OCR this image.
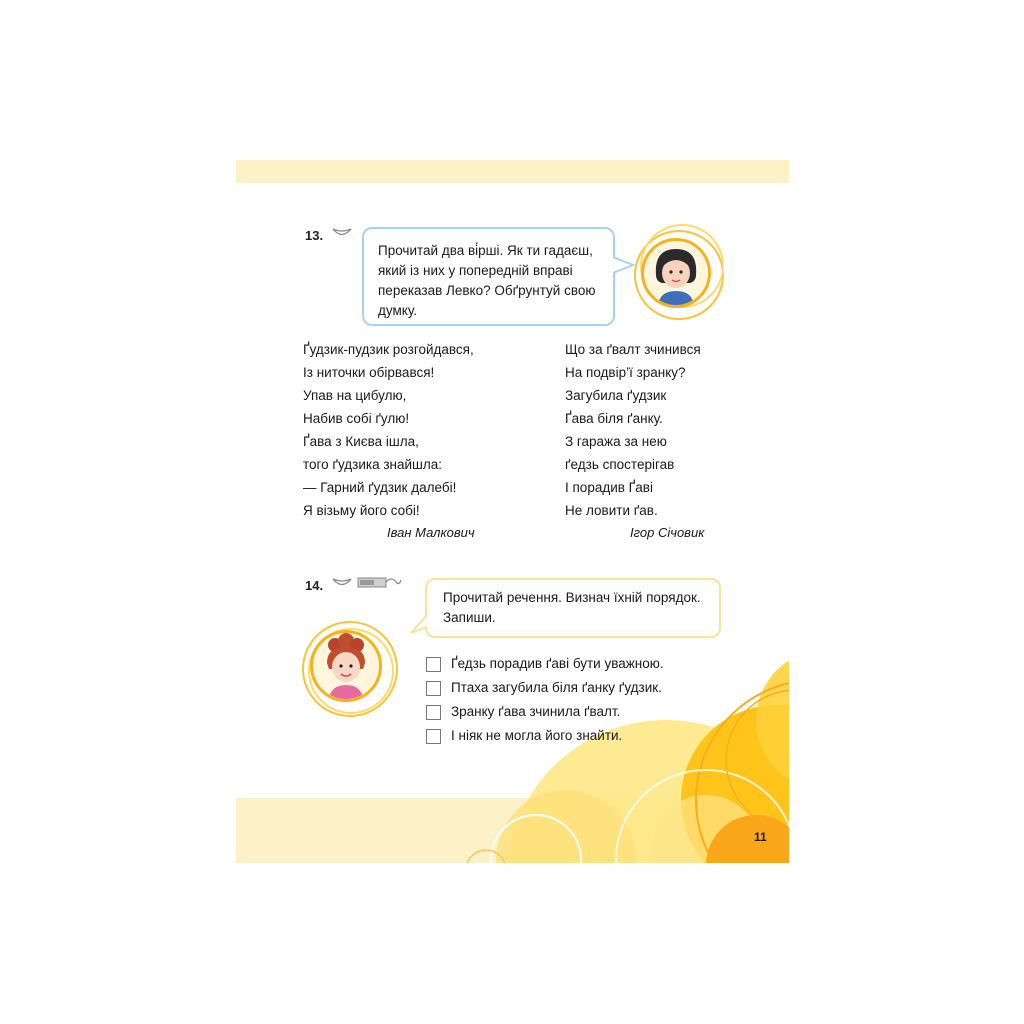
13.
Прочитай два ві́рші. Як ти гадаєш, який із них у попередній вправі переказав Левко? Обґрунтуй свою думку.
Ґудзик-пудзик розгойдався,
Із ниточки обірвався!
Упав на цибулю,
Набив собі ґулю!
Ґава з Києва ішла,
того ґудзика знайшла:
— Гарний ґудзик далебі!
Я візьму його собі!
Іван Малкович
Що за ґвалт зчинився
На подвір’ї зранку?
Загубила ґудзик
Ґава біля ґанку.
З гаража за нею
ґедзь спостерігав
І порадив Ґаві
Не ловити ґав.
Ігор Січовик
14.
Прочитай речення. Визнач їхній порядок. Запиши.
Ґедзь порадив ґаві бути уважною.
Птаха загубила біля ґанку ґудзик.
Зранку ґава зчинила ґвалт.
І ніяк не могла його знайти.
11
